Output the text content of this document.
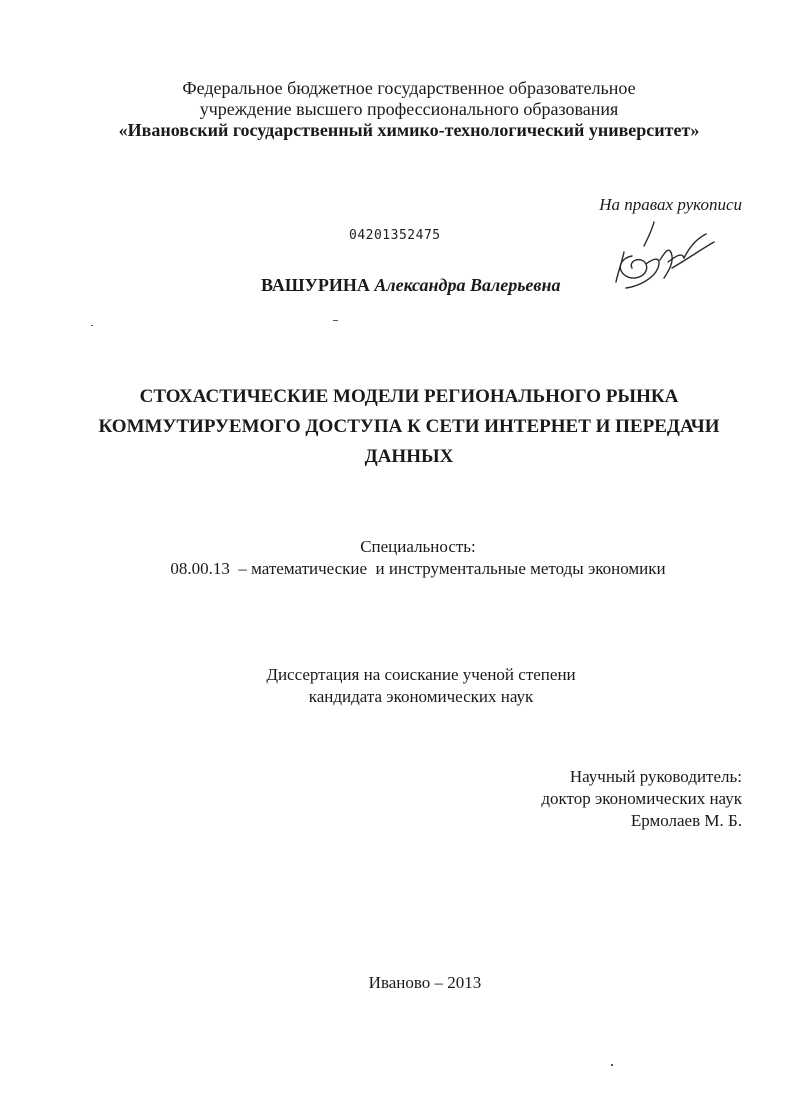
Федеральное бюджетное государственное образовательное
учреждение высшего профессионального образования
«Ивановский государственный химико-технологический университет»
На правах рукописи
04201352475
ВАШУРИНА Александра Валерьевна
СТОХАСТИЧЕСКИЕ МОДЕЛИ РЕГИОНАЛЬНОГО РЫНКА
КОММУТИРУЕМОГО ДОСТУПА К СЕТИ ИНТЕРНЕТ И ПЕРЕДАЧИ
ДАННЫХ
Специальность:
08.00.13  – математические  и инструментальные методы экономики
Диссертация на соискание ученой степени
кандидата экономических наук
Научный руководитель:
доктор экономических наук
Ермолаев М. Б.
Иваново – 2013
